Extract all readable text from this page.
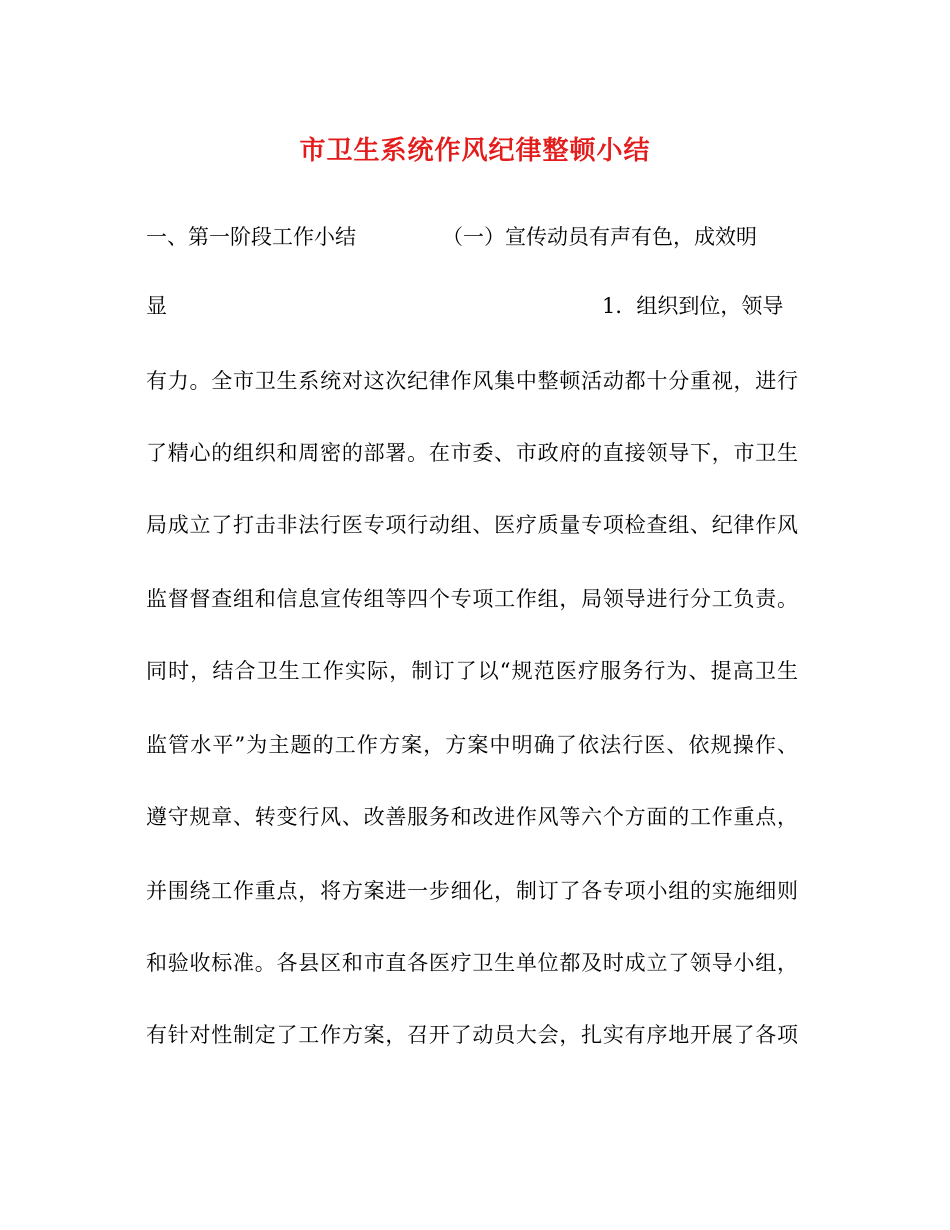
市卫生系统作风纪律整顿小结
一、第一阶段工作小结	（一）宣传动员有声有色，成效明
显	1．组织到位，领导
有力。全市卫生系统对这次纪律作风集中整顿活动都十分重视，进行
了精心的组织和周密的部署。在市委、市政府的直接领导下，市卫生
局成立了打击非法行医专项行动组、医疗质量专项检查组、纪律作风
监督督查组和信息宣传组等四个专项工作组，局领导进行分工负责。
同时，结合卫生工作实际，制订了以“规范医疗服务行为、提高卫生
监管水平”为主题的工作方案，方案中明确了依法行医、依规操作、
遵守规章、转变行风、改善服务和改进作风等六个方面的工作重点，
并围绕工作重点，将方案进一步细化，制订了各专项小组的实施细则
和验收标准。各县区和市直各医疗卫生单位都及时成立了领导小组，
有针对性制定了工作方案，召开了动员大会，扎实有序地开展了各项
